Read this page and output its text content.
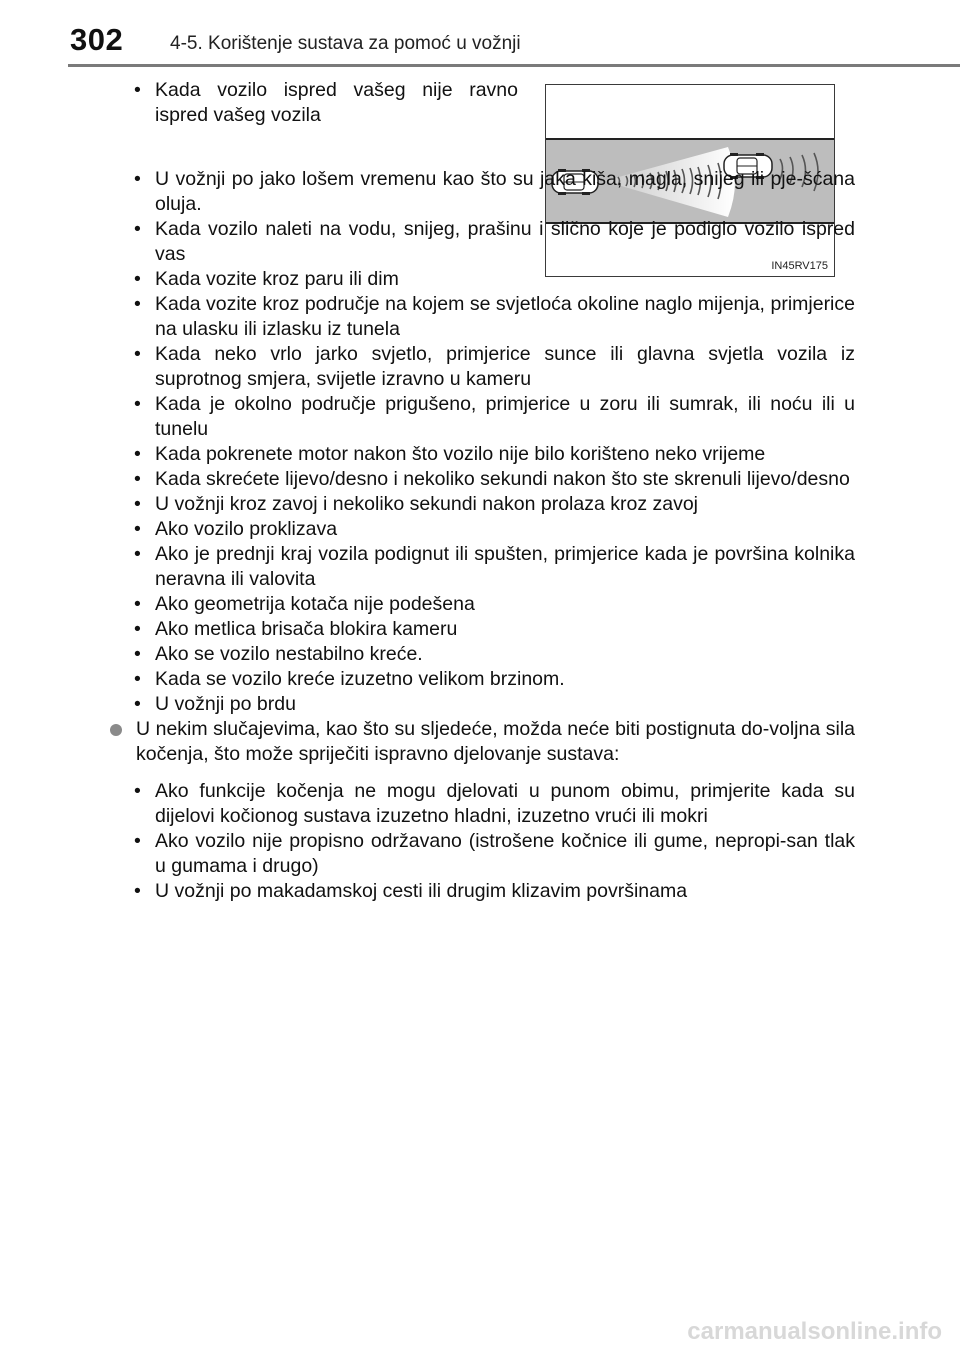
302 4-5. Korištenje sustava za pomoć u vožnji
IN45RV175
• Kada vozilo ispred vašeg nije ravno ispred vašeg vozila
• U vožnji po jako lošem vremenu kao što su jaka kiša, magla, snijeg ili pje-šćana oluja.
• Kada vozilo naleti na vodu, snijeg, prašinu i slično koje je podiglo vozilo ispred vas
• Kada vozite kroz paru ili dim
• Kada vozite kroz područje na kojem se svjetloća okoline naglo mijenja, primjerice na ulasku ili izlasku iz tunela
• Kada neko vrlo jarko svjetlo, primjerice sunce ili glavna svjetla vozila iz suprotnog smjera, svijetle izravno u kameru
• Kada je okolno područje prigušeno, primjerice u zoru ili sumrak, ili noću ili u tunelu
• Kada pokrenete motor nakon što vozilo nije bilo korišteno neko vrijeme
• Kada skrećete lijevo/desno i nekoliko sekundi nakon što ste skrenuli lijevo/desno
• U vožnji kroz zavoj i nekoliko sekundi nakon prolaza kroz zavoj
• Ako vozilo proklizava
• Ako je prednji kraj vozila podignut ili spušten, primjerice kada je površina kolnika neravna ili valovita
• Ako geometrija kotača nije podešena
• Ako metlica brisača blokira kameru
• Ako se vozilo nestabilno kreće.
• Kada se vozilo kreće izuzetno velikom brzinom.
• U vožnji po brdu

U nekim slučajevima, kao što su sljedeće, možda neće biti postignuta do-voljna sila kočenja, što može spriječiti ispravno djelovanje sustava:

• Ako funkcije kočenja ne mogu djelovati u punom obimu, primjerite kada su dijelovi kočionog sustava izuzetno hladni, izuzetno vrući ili mokri
• Ako vozilo nije propisno održavano (istrošene kočnice ili gume, nepropi-san tlak u gumama i drugo)
• U vožnji po makadamskoj cesti ili drugim klizavim površinama
carmanualsonline.info
